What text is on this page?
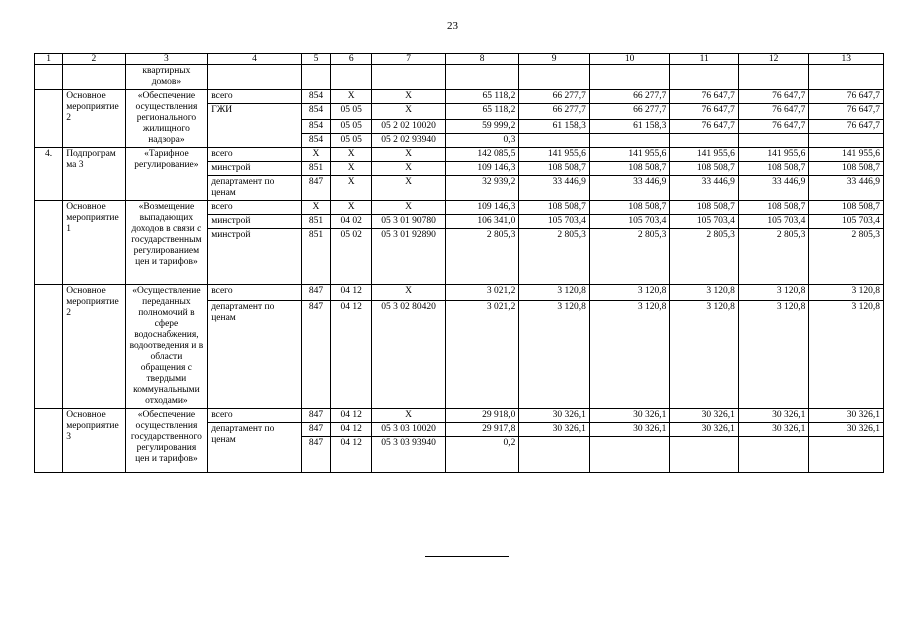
23
1	2	3	4	5	6	7	8	9	10	11	12	13
		квартирных домов»										
	Основное мероприятие 2	«Обеспечение осуществления регионального жилищного надзора»	всего	854	Х	Х	65 118,2	66 277,7	66 277,7	76 647,7	76 647,7	76 647,7
			ГЖИ	854	05 05	Х	65 118,2	66 277,7	66 277,7	76 647,7	76 647,7	76 647,7
				854	05 05	05 2 02 10020	59 999,2	61 158,3	61 158,3	76 647,7	76 647,7	76 647,7
				854	05 05	05 2 02 93940	0,3					
4.	Подпрограмма 3	«Тарифное регулирование»	всего	Х	Х	Х	142 085,5	141 955,6	141 955,6	141 955,6	141 955,6	141 955,6
			минстрой	851	Х	Х	109 146,3	108 508,7	108 508,7	108 508,7	108 508,7	108 508,7
			департамент по ценам	847	Х	Х	32 939,2	33 446,9	33 446,9	33 446,9	33 446,9	33 446,9
	Основное мероприятие 1	«Возмещение выпадающих доходов в связи с государственным регулированием цен и тарифов»	всего	Х	Х	Х	109 146,3	108 508,7	108 508,7	108 508,7	108 508,7	108 508,7
			минстрой	851	04 02	05 3 01 90780	106 341,0	105 703,4	105 703,4	105 703,4	105 703,4	105 703,4
			минстрой	851	05 02	05 3 01 92890	2 805,3	2 805,3	2 805,3	2 805,3	2 805,3	2 805,3
	Основное мероприятие 2	«Осуществление переданных полномочий в сфере водоснабжения, водоотведения и в области обращения с твердыми коммунальными отходами»	всего	847	04 12	Х	3 021,2	3 120,8	3 120,8	3 120,8	3 120,8	3 120,8
			департамент по ценам	847	04 12	05 3 02 80420	3 021,2	3 120,8	3 120,8	3 120,8	3 120,8	3 120,8
	Основное мероприятие 3	«Обеспечение осуществления государственного регулирования цен и тарифов»	всего	847	04 12	Х	29 918,0	30 326,1	30 326,1	30 326,1	30 326,1	30 326,1
			департамент по ценам	847	04 12	05 3 03 10020	29 917,8	30 326,1	30 326,1	30 326,1	30 326,1	30 326,1
				847	04 12	05 3 03 93940	0,2					
